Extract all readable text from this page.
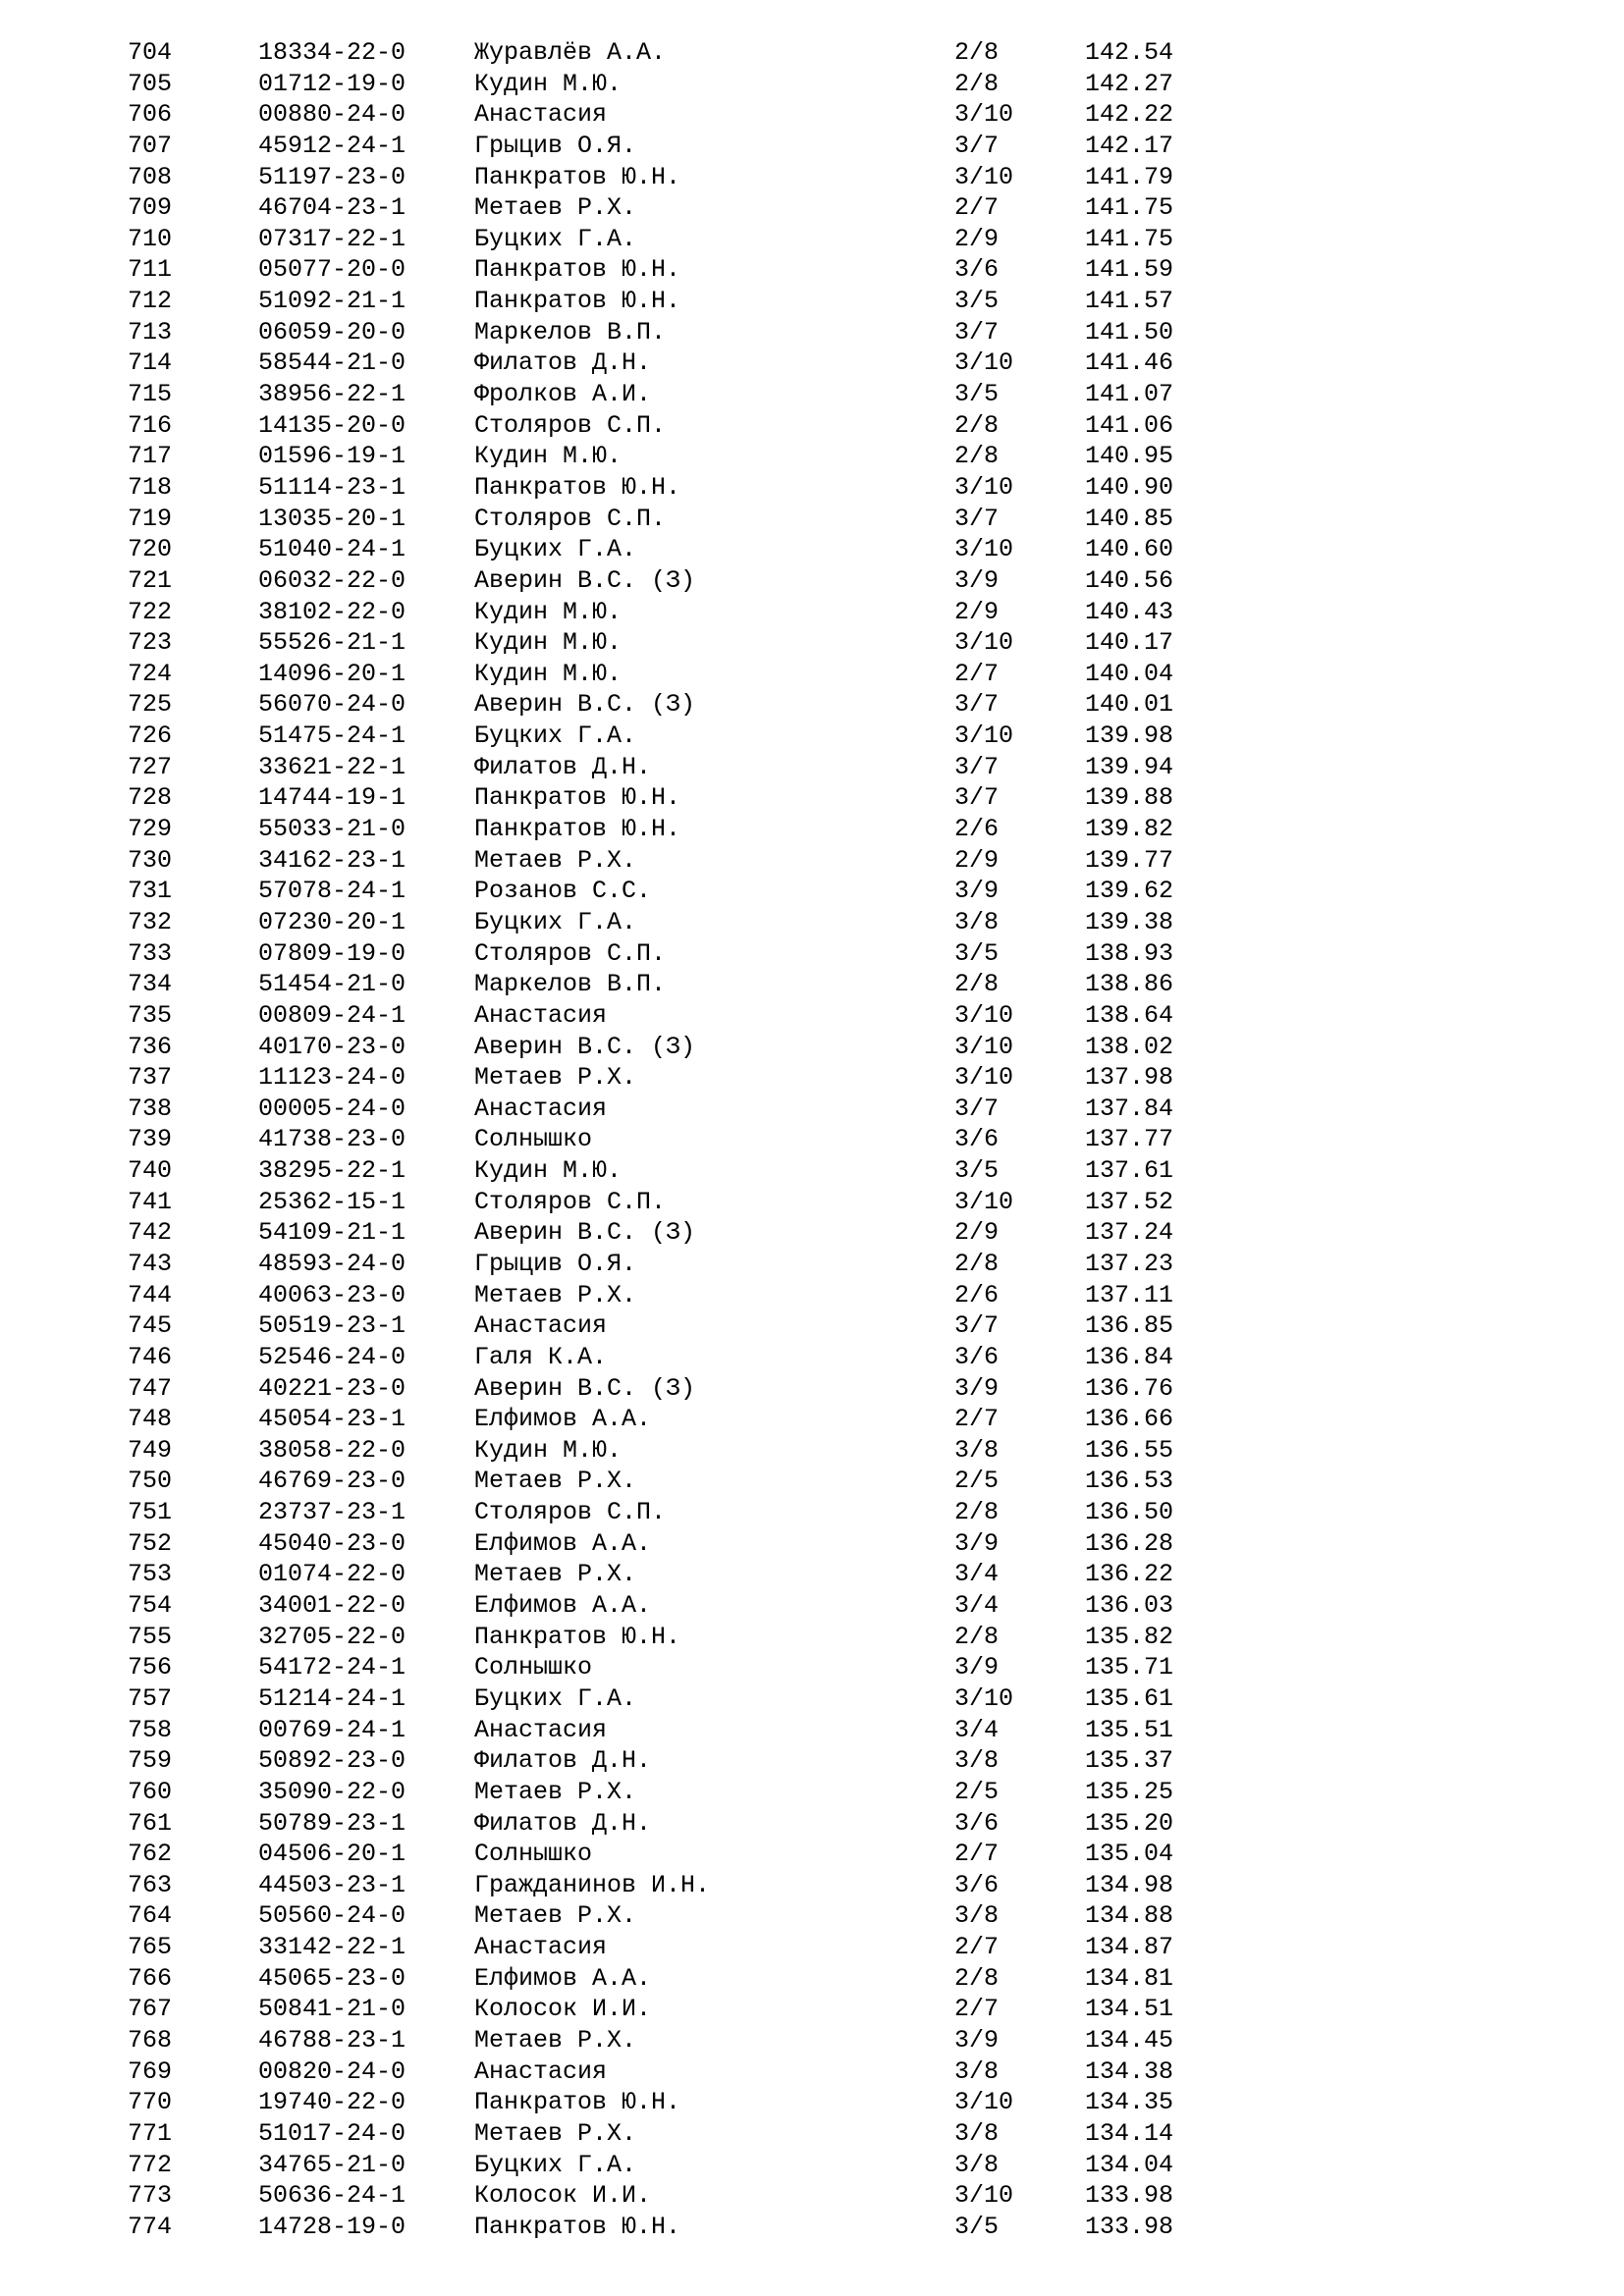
704	18334-22-0	Журавлёв А.А.	2/8	142.54
705	01712-19-0	Кудин М.Ю.	2/8	142.27
706	00880-24-0	Анастасия	3/10	142.22
707	45912-24-1	Грыцив О.Я.	3/7	142.17
708	51197-23-0	Панкратов Ю.Н.	3/10	141.79
709	46704-23-1	Метаев Р.Х.	2/7	141.75
710	07317-22-1	Буцких Г.А.	2/9	141.75
711	05077-20-0	Панкратов Ю.Н.	3/6	141.59
712	51092-21-1	Панкратов Ю.Н.	3/5	141.57
713	06059-20-0	Маркелов В.П.	3/7	141.50
714	58544-21-0	Филатов Д.Н.	3/10	141.46
715	38956-22-1	Фролков А.И.	3/5	141.07
716	14135-20-0	Столяров С.П.	2/8	141.06
717	01596-19-1	Кудин М.Ю.	2/8	140.95
718	51114-23-1	Панкратов Ю.Н.	3/10	140.90
719	13035-20-1	Столяров С.П.	3/7	140.85
720	51040-24-1	Буцких Г.А.	3/10	140.60
721	06032-22-0	Аверин В.С. (З)	3/9	140.56
722	38102-22-0	Кудин М.Ю.	2/9	140.43
723	55526-21-1	Кудин М.Ю.	3/10	140.17
724	14096-20-1	Кудин М.Ю.	2/7	140.04
725	56070-24-0	Аверин В.С. (З)	3/7	140.01
726	51475-24-1	Буцких Г.А.	3/10	139.98
727	33621-22-1	Филатов Д.Н.	3/7	139.94
728	14744-19-1	Панкратов Ю.Н.	3/7	139.88
729	55033-21-0	Панкратов Ю.Н.	2/6	139.82
730	34162-23-1	Метаев Р.Х.	2/9	139.77
731	57078-24-1	Розанов С.С.	3/9	139.62
732	07230-20-1	Буцких Г.А.	3/8	139.38
733	07809-19-0	Столяров С.П.	3/5	138.93
734	51454-21-0	Маркелов В.П.	2/8	138.86
735	00809-24-1	Анастасия	3/10	138.64
736	40170-23-0	Аверин В.С. (З)	3/10	138.02
737	11123-24-0	Метаев Р.Х.	3/10	137.98
738	00005-24-0	Анастасия	3/7	137.84
739	41738-23-0	Солнышко	3/6	137.77
740	38295-22-1	Кудин М.Ю.	3/5	137.61
741	25362-15-1	Столяров С.П.	3/10	137.52
742	54109-21-1	Аверин В.С. (З)	2/9	137.24
743	48593-24-0	Грыцив О.Я.	2/8	137.23
744	40063-23-0	Метаев Р.Х.	2/6	137.11
745	50519-23-1	Анастасия	3/7	136.85
746	52546-24-0	Галя К.А.	3/6	136.84
747	40221-23-0	Аверин В.С. (З)	3/9	136.76
748	45054-23-1	Елфимов А.А.	2/7	136.66
749	38058-22-0	Кудин М.Ю.	3/8	136.55
750	46769-23-0	Метаев Р.Х.	2/5	136.53
751	23737-23-1	Столяров С.П.	2/8	136.50
752	45040-23-0	Елфимов А.А.	3/9	136.28
753	01074-22-0	Метаев Р.Х.	3/4	136.22
754	34001-22-0	Елфимов А.А.	3/4	136.03
755	32705-22-0	Панкратов Ю.Н.	2/8	135.82
756	54172-24-1	Солнышко	3/9	135.71
757	51214-24-1	Буцких Г.А.	3/10	135.61
758	00769-24-1	Анастасия	3/4	135.51
759	50892-23-0	Филатов Д.Н.	3/8	135.37
760	35090-22-0	Метаев Р.Х.	2/5	135.25
761	50789-23-1	Филатов Д.Н.	3/6	135.20
762	04506-20-1	Солнышко	2/7	135.04
763	44503-23-1	Гражданинов И.Н.	3/6	134.98
764	50560-24-0	Метаев Р.Х.	3/8	134.88
765	33142-22-1	Анастасия	2/7	134.87
766	45065-23-0	Елфимов А.А.	2/8	134.81
767	50841-21-0	Колосок И.И.	2/7	134.51
768	46788-23-1	Метаев Р.Х.	3/9	134.45
769	00820-24-0	Анастасия	3/8	134.38
770	19740-22-0	Панкратов Ю.Н.	3/10	134.35
771	51017-24-0	Метаев Р.Х.	3/8	134.14
772	34765-21-0	Буцких Г.А.	3/8	134.04
773	50636-24-1	Колосок И.И.	3/10	133.98
774	14728-19-0	Панкратов Ю.Н.	3/5	133.98
